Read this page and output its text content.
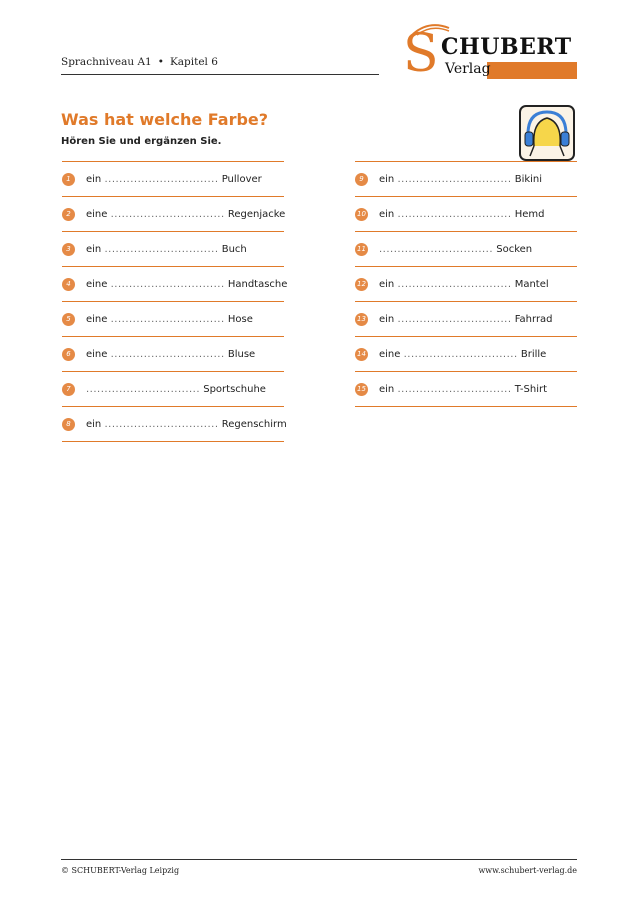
Sprachniveau A1 • Kapitel 6	S CHUBERT
Verlag
Was hat welche Farbe?
Hören Sie und ergänzen Sie.
1	ein ............................... Pullover
2	eine ............................... Regenjacke
3	ein ............................... Buch
4	eine ............................... Handtasche
5	eine ............................... Hose
6	eine ............................... Bluse
7	............................... Sportschuhe
8	ein ............................... Regenschirm
9	ein ............................... Bikini
10 ein ............................... Hemd
11 ............................... Socken
12 ein ............................... Mantel
13 ein ............................... Fahrrad
14 eine ............................... Brille
15 ein ............................... T-Shirt
© SCHUBERT-Verlag Leipzig	www.schubert-verlag.de
